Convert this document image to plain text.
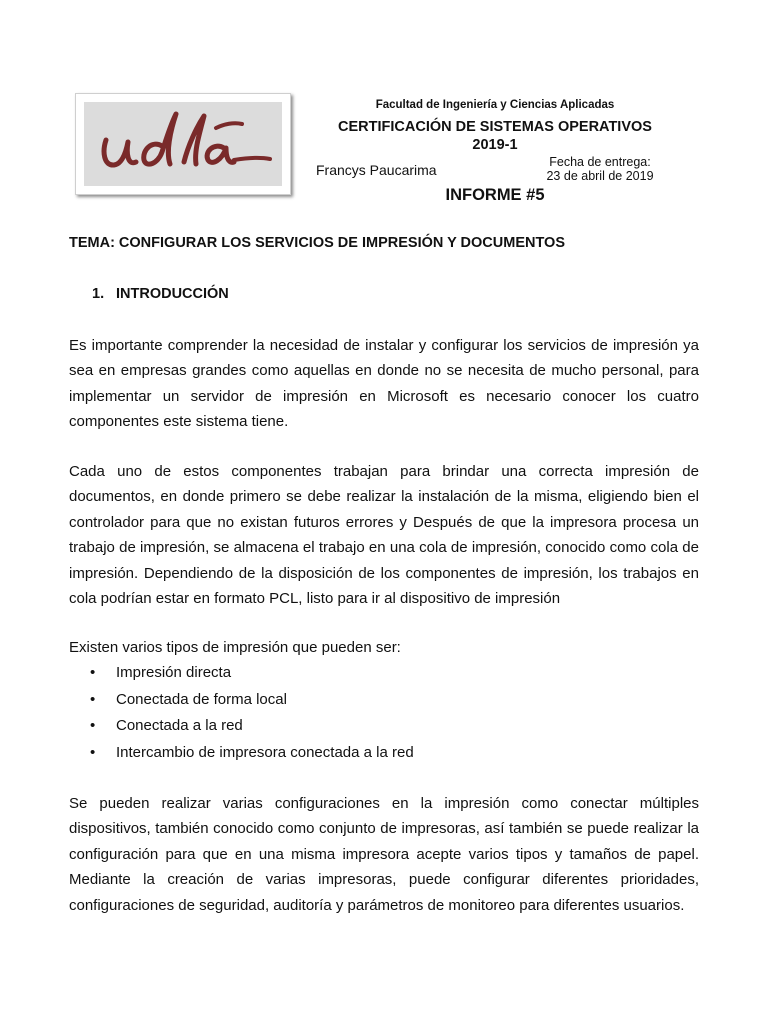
Facultad de Ingeniería y Ciencias Aplicadas
CERTIFICACIÓN DE SISTEMAS OPERATIVOS
2019-1
Francys Paucarima	Fecha de entrega:
23 de abril de 2019
INFORME #5
TEMA: CONFIGURAR LOS SERVICIOS DE IMPRESIÓN Y DOCUMENTOS
1. INTRODUCCIÓN

Es importante comprender la necesidad de instalar y configurar los servicios de impresión ya sea en empresas grandes como aquellas en donde no se necesita de mucho personal, para implementar un servidor de impresión en Microsoft es necesario conocer los cuatro componentes este sistema tiene.

Cada uno de estos componentes trabajan para brindar una correcta impresión de documentos, en donde primero se debe realizar la instalación de la misma, eligiendo bien el controlador para que no existan futuros errores y Después de que la impresora procesa un trabajo de impresión, se almacena el trabajo en una cola de impresión, conocido como cola de impresión. Dependiendo de la disposición de los componentes de impresión, los trabajos en cola podrían estar en formato PCL, listo para ir al dispositivo de impresión

Existen varios tipos de impresión que pueden ser:

•	Impresión directa
•	Conectada de forma local
•	Conectada a la red
•	Intercambio de impresora conectada a la red

Se pueden realizar varias configuraciones en la impresión como conectar múltiples dispositivos, también conocido como conjunto de impresoras, así también se puede realizar la configuración para que en una misma impresora acepte varios tipos y tamaños de papel. Mediante la creación de varias impresoras, puede configurar diferentes prioridades, configuraciones de seguridad, auditoría y parámetros de monitoreo para diferentes usuarios.
